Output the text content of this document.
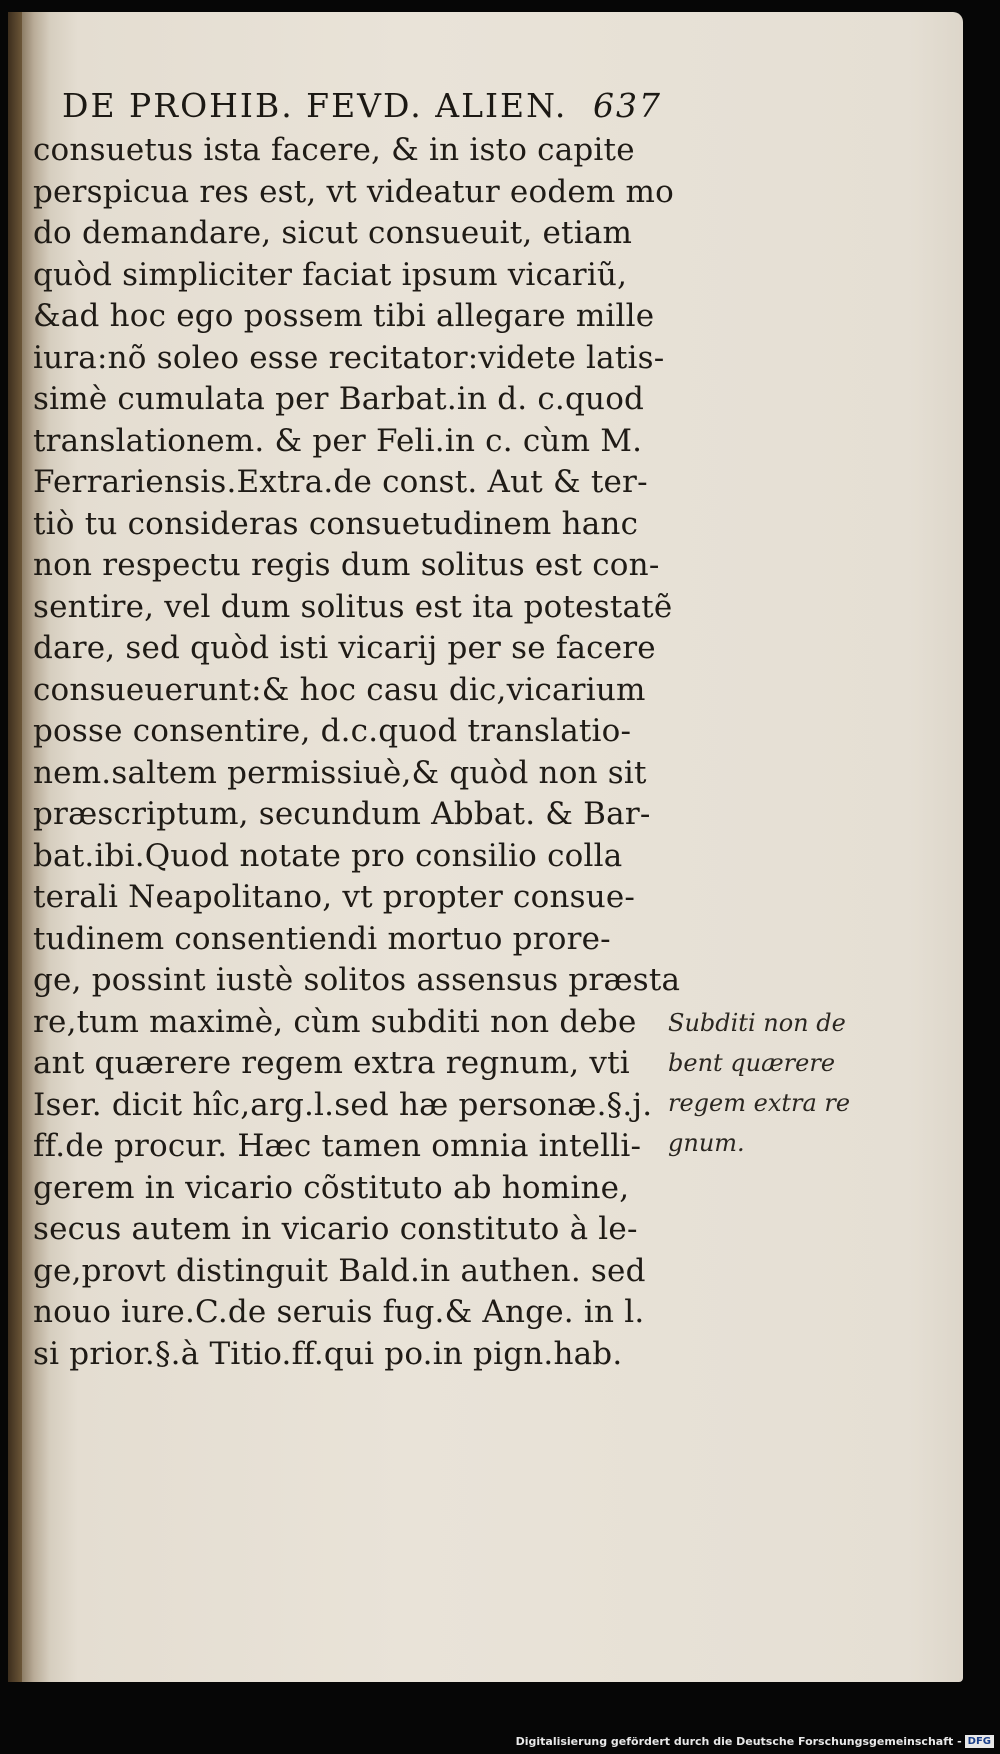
DE PROHIB. FEVD. ALIEN. 637
consuetus ista facere, & in isto capite
perspicua res est, vt videatur eodem mo
do demandare, sicut consueuit, etiam
quòd simpliciter faciat ipsum vicariũ,
&ad hoc ego possem tibi allegare mille
iura:nõ soleo esse recitator:videte latis-
simè cumulata per Barbat.in d. c.quod
translationem. & per Feli.in c. cùm M.
Ferrariensis.Extra.de const. Aut & ter-
tiò tu consideras consuetudinem hanc
non respectu regis dum solitus est con-
sentire, vel dum solitus est ita potestatẽ
dare, sed quòd isti vicarij per se facere
consueuerunt:& hoc casu dic,vicarium
posse consentire, d.c.quod translatio-
nem.saltem permissiuè,& quòd non sit
præscriptum, secundum Abbat. & Bar-
bat.ibi.Quod notate pro consilio colla
terali Neapolitano, vt propter consue-
tudinem consentiendi mortuo prore-
ge, possint iustè solitos assensus præsta
re,tum maximè, cùm subditi non debe
ant quærere regem extra regnum, vti
Iser. dicit hîc,arg.l.sed hæ personæ.§.j.
ff.de procur. Hæc tamen omnia intelli-
gerem in vicario cõstituto ab homine,
secus autem in vicario constituto à le-
ge,provt distinguit Bald.in authen. sed
nouo iure.C.de seruis fug.& Ange. in l.
si prior.§.à Titio.ff.qui po.in pign.hab.
Subditi non de
bent quærere
regem extra re
gnum.
Digitalisierung gefördert durch die Deutsche Forschungsgemeinschaft - DFG
